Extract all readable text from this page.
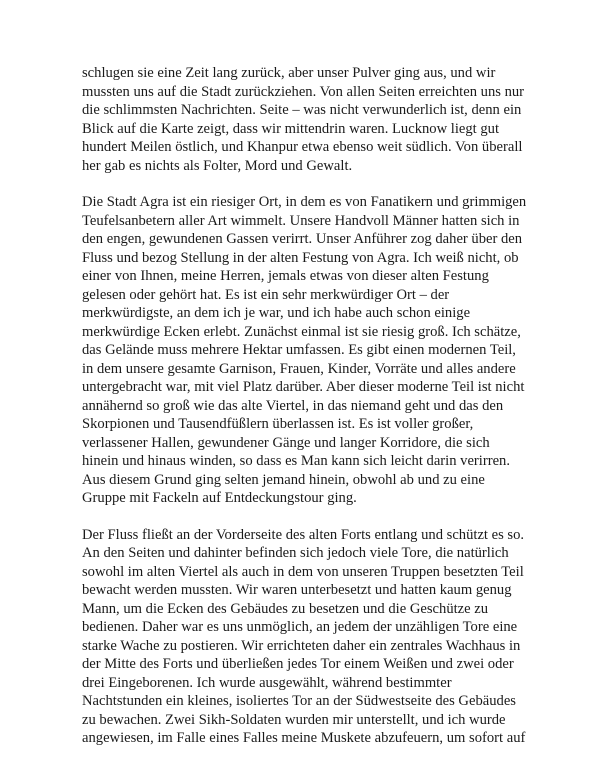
schlugen sie eine Zeit lang zurück, aber unser Pulver ging aus, und wir
mussten uns auf die Stadt zurückziehen. Von allen Seiten erreichten uns nur
die schlimmsten Nachrichten. Seite – was nicht verwunderlich ist, denn ein
Blick auf die Karte zeigt, dass wir mittendrin waren. Lucknow liegt gut
hundert Meilen östlich, und Khanpur etwa ebenso weit südlich. Von überall
her gab es nichts als Folter, Mord und Gewalt.

Die Stadt Agra ist ein riesiger Ort, in dem es von Fanatikern und grimmigen
Teufelsanbetern aller Art wimmelt. Unsere Handvoll Männer hatten sich in
den engen, gewundenen Gassen verirrt. Unser Anführer zog daher über den
Fluss und bezog Stellung in der alten Festung von Agra. Ich weiß nicht, ob
einer von Ihnen, meine Herren, jemals etwas von dieser alten Festung
gelesen oder gehört hat. Es ist ein sehr merkwürdiger Ort – der
merkwürdigste, an dem ich je war, und ich habe auch schon einige
merkwürdige Ecken erlebt. Zunächst einmal ist sie riesig groß. Ich schätze,
das Gelände muss mehrere Hektar umfassen. Es gibt einen modernen Teil,
in dem unsere gesamte Garnison, Frauen, Kinder, Vorräte und alles andere
untergebracht war, mit viel Platz darüber. Aber dieser moderne Teil ist nicht
annähernd so groß wie das alte Viertel, in das niemand geht und das den
Skorpionen und Tausendfüßlern überlassen ist. Es ist voller großer,
verlassener Hallen, gewundener Gänge und langer Korridore, die sich
hinein und hinaus winden, so dass es Man kann sich leicht darin verirren.
Aus diesem Grund ging selten jemand hinein, obwohl ab und zu eine
Gruppe mit Fackeln auf Entdeckungstour ging.

Der Fluss fließt an der Vorderseite des alten Forts entlang und schützt es so.
An den Seiten und dahinter befinden sich jedoch viele Tore, die natürlich
sowohl im alten Viertel als auch in dem von unseren Truppen besetzten Teil
bewacht werden mussten. Wir waren unterbesetzt und hatten kaum genug
Mann, um die Ecken des Gebäudes zu besetzen und die Geschütze zu
bedienen. Daher war es uns unmöglich, an jedem der unzähligen Tore eine
starke Wache zu postieren. Wir errichteten daher ein zentrales Wachhaus in
der Mitte des Forts und überließen jedes Tor einem Weißen und zwei oder
drei Eingeborenen. Ich wurde ausgewählt, während bestimmter
Nachtstunden ein kleines, isoliertes Tor an der Südwestseite des Gebäudes
zu bewachen. Zwei Sikh-Soldaten wurden mir unterstellt, und ich wurde
angewiesen, im Falle eines Falles meine Muskete abzufeuern, um sofort auf
